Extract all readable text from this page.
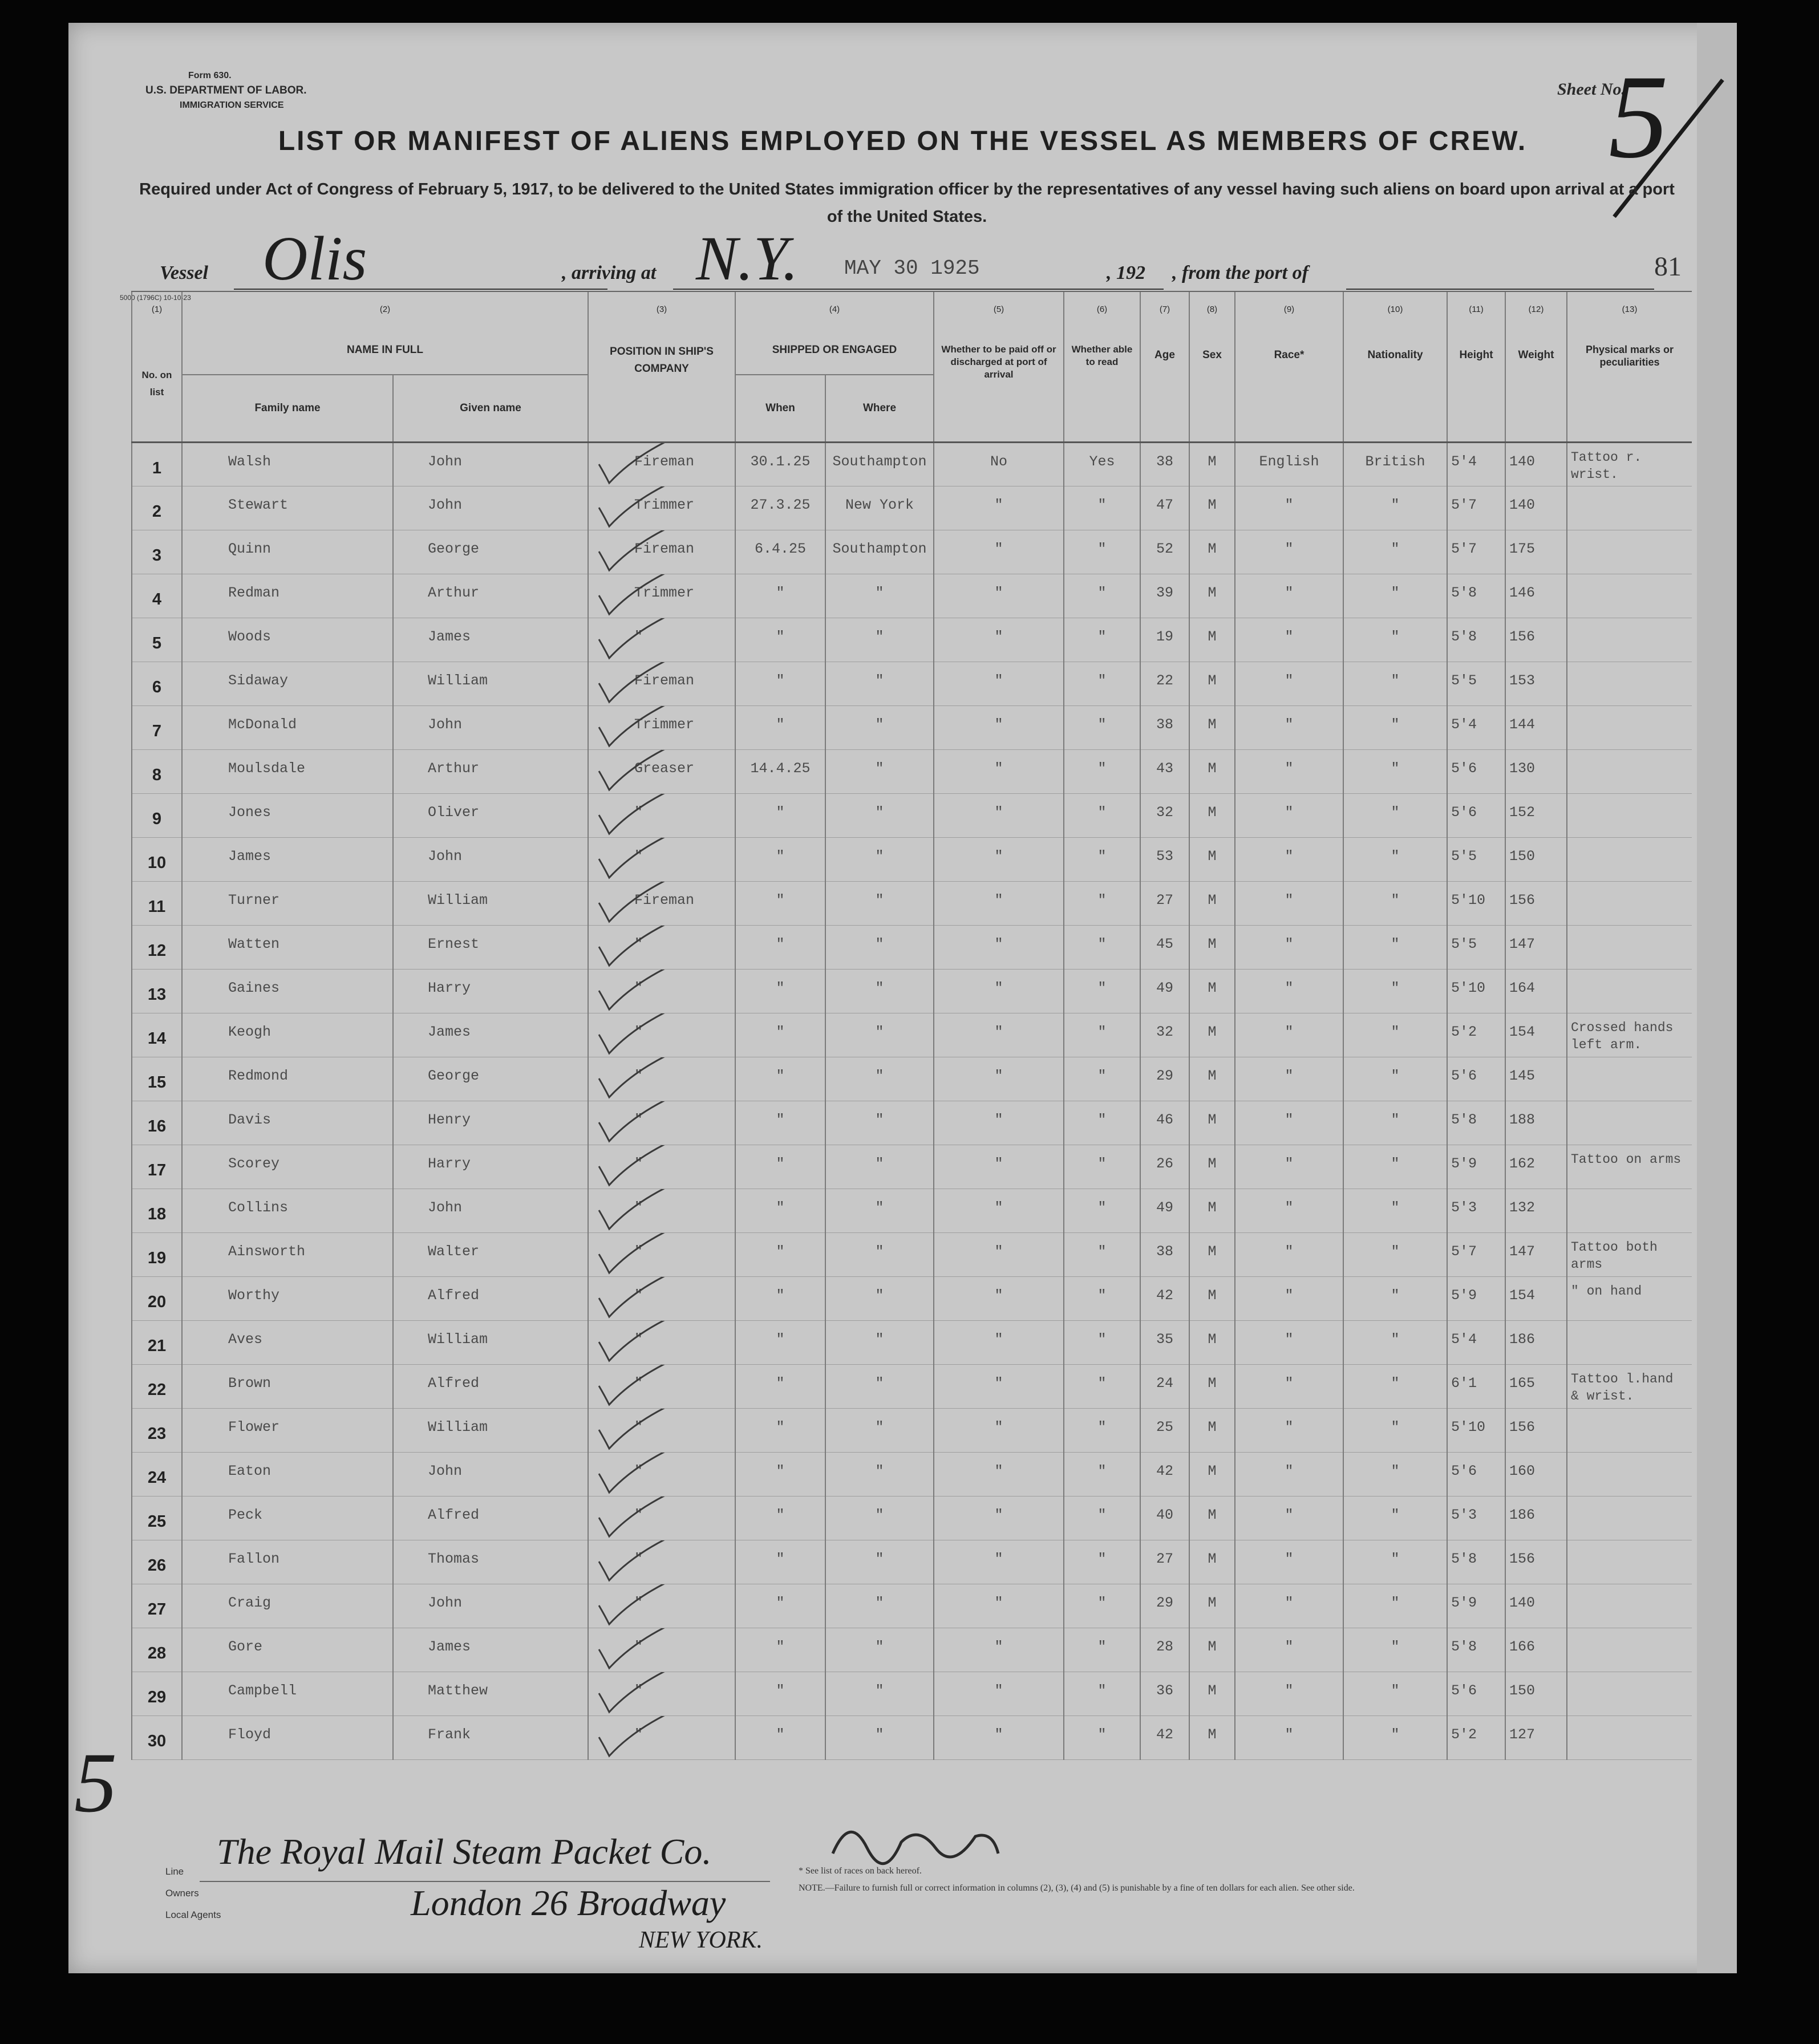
Form 630.
U.S. DEPARTMENT OF LABOR.
IMMIGRATION SERVICE
Sheet No.
5
LIST OR MANIFEST OF ALIENS EMPLOYED ON THE VESSEL AS MEMBERS OF CREW.
Required under Act of Congress of February 5, 1917, to be delivered to the United States immigration officer by the representatives of any vessel having such aliens on board upon arrival at a port of the United States.
Vessel Olis	, arriving at N.Y. MAY 30 1925	, 192 , from the port of	81
5000 (1796C) 10-10-23
(1)	(2)		(3)	(4)		(5)	(6)	(7)	(8)	(9)	(10)	(11)	(12)	(13)
No. on list	NAME IN FULL		POSITION IN SHIP'S COMPANY	SHIPPED OR ENGAGED		Whether to be paid off or discharged at port of arrival	Whether able to read	Age	Sex	Race*	Nationality	Height	Weight	Physical marks or peculiarities
	Family name	Given name		When	Where									
1	Walsh	John	Fireman	30.1.25	Southampton	No	Yes	38	M	English	British	5'4	140	Tattoo r. wrist.
2	Stewart	John	Trimmer	27.3.25	New York	"	"	47	M	"	"	5'7	140	
3	Quinn	George	Fireman	6.4.25	Southampton	"	"	52	M	"	"	5'7	175	
4	Redman	Arthur	Trimmer	"	"	"	"	39	M	"	"	5'8	146	
5	Woods	James	"	"	"	"	"	19	M	"	"	5'8	156	
6	Sidaway	William	Fireman	"	"	"	"	22	M	"	"	5'5	153	
7	McDonald	John	Trimmer	"	"	"	"	38	M	"	"	5'4	144	
8	Moulsdale	Arthur	Greaser	14.4.25	"	"	"	43	M	"	"	5'6	130	
9	Jones	Oliver	"	"	"	"	"	32	M	"	"	5'6	152	
10	James	John	"	"	"	"	"	53	M	"	"	5'5	150	
11	Turner	William	Fireman	"	"	"	"	27	M	"	"	5'10	156	
12	Watten	Ernest	"	"	"	"	"	45	M	"	"	5'5	147	
13	Gaines	Harry	"	"	"	"	"	49	M	"	"	5'10	164	
14	Keogh	James	"	"	"	"	"	32	M	"	"	5'2	154	Crossed hands left arm.
15	Redmond	George	"	"	"	"	"	29	M	"	"	5'6	145	
16	Davis	Henry	"	"	"	"	"	46	M	"	"	5'8	188	
17	Scorey	Harry	"	"	"	"	"	26	M	"	"	5'9	162	Tattoo on arms
18	Collins	John	"	"	"	"	"	49	M	"	"	5'3	132	
19	Ainsworth	Walter	"	"	"	"	"	38	M	"	"	5'7	147	Tattoo both arms
20	Worthy	Alfred	"	"	"	"	"	42	M	"	"	5'9	154	" on hand
21	Aves	William	"	"	"	"	"	35	M	"	"	5'4	186	
22	Brown	Alfred	"	"	"	"	"	24	M	"	"	6'1	165	Tattoo l.hand & wrist.
23	Flower	William	"	"	"	"	"	25	M	"	"	5'10	156	
24	Eaton	John	"	"	"	"	"	42	M	"	"	5'6	160	
25	Peck	Alfred	"	"	"	"	"	40	M	"	"	5'3	186	
26	Fallon	Thomas	"	"	"	"	"	27	M	"	"	5'8	156	
27	Craig	John	"	"	"	"	"	29	M	"	"	5'9	140	
28	Gore	James	"	"	"	"	"	28	M	"	"	5'8	166	
29	Campbell	Matthew	"	"	"	"	"	36	M	"	"	5'6	150	
30	Floyd	Frank	"	"	"	"	"	42	M	"	"	5'2	127	
5
Line The Royal Mail Steam Packet Co.
Owners	London 26 Broadway
Local Agents
NEW YORK.
* See list of races on back hereof.
NOTE.—Failure to furnish full or correct information in columns (2), (3), (4) and (5) is punishable by a fine of ten dollars for each alien. See other side.
